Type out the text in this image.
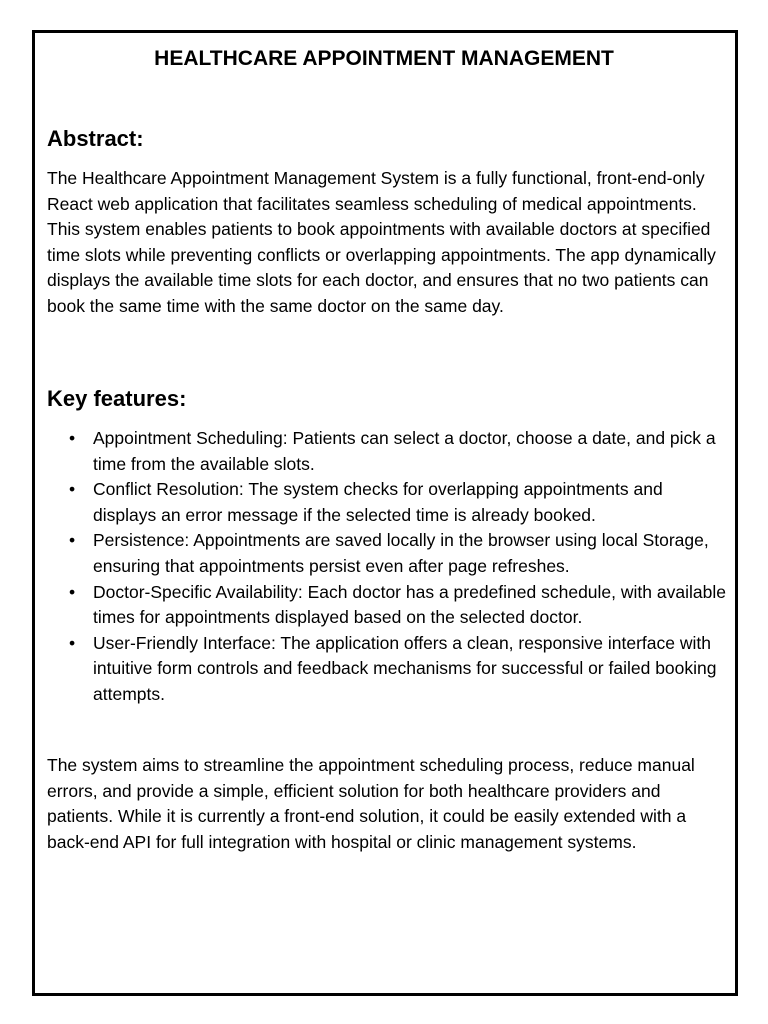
HEALTHCARE APPOINTMENT MANAGEMENT
Abstract:
The Healthcare Appointment Management System is a fully functional, front-end-only React web application that facilitates seamless scheduling of medical appointments. This system enables patients to book appointments with available doctors at specified time slots while preventing conflicts or overlapping appointments. The app dynamically displays the available time slots for each doctor, and ensures that no two patients can book the same time with the same doctor on the same day.
Key features:
• Appointment Scheduling: Patients can select a doctor, choose a date, and pick a time from the available slots.
• Conflict Resolution: The system checks for overlapping appointments and displays an error message if the selected time is already booked.
• Persistence: Appointments are saved locally in the browser using local Storage, ensuring that appointments persist even after page refreshes.
• Doctor-Specific Availability: Each doctor has a predefined schedule, with available times for appointments displayed based on the selected doctor.
• User-Friendly Interface: The application offers a clean, responsive interface with intuitive form controls and feedback mechanisms for successful or failed booking attempts.
The system aims to streamline the appointment scheduling process, reduce manual errors, and provide a simple, efficient solution for both healthcare providers and patients. While it is currently a front-end solution, it could be easily extended with a back-end API for full integration with hospital or clinic management systems.
